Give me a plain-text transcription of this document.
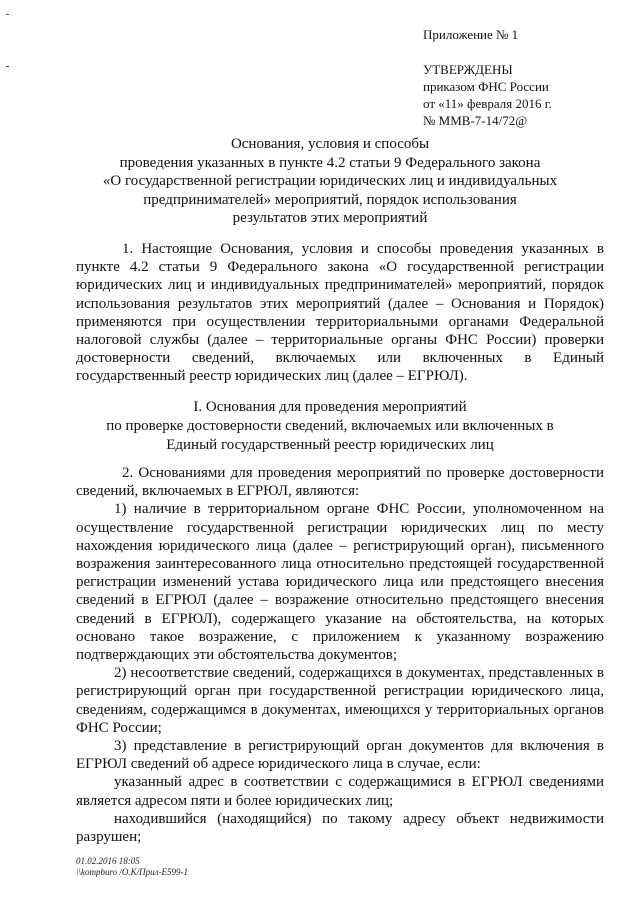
Приложение № 1
УТВЕРЖДЕНЫ
приказом ФНС России
от «11» февраля 2016 г.
№ ММВ-7-14/72@
Основания, условия и способы
проведения указанных в пункте 4.2 статьи 9 Федерального закона
«О государственной регистрации юридических лиц и индивидуальных
предпринимателей» мероприятий, порядок использования
результатов этих мероприятий

1. Настоящие Основания, условия и способы проведения указанных в пункте 4.2 статьи 9 Федерального закона «О государственной регистрации юридических лиц и индивидуальных предпринимателей» мероприятий, порядок использования результатов этих мероприятий (далее – Основания и Порядок) применяются при осуществлении территориальными органами Федеральной налоговой службы (далее – территориальные органы ФНС России) проверки достоверности сведений, включаемых или включенных в Единый государственный реестр юридических лиц (далее – ЕГРЮЛ).

I. Основания для проведения мероприятий
по проверке достоверности сведений, включаемых или включенных в
Единый государственный реестр юридических лиц

2. Основаниями для проведения мероприятий по проверке достоверности сведений, включаемых в ЕГРЮЛ, являются:

1) наличие в территориальном органе ФНС России, уполномоченном на осуществление государственной регистрации юридических лиц по месту нахождения юридического лица (далее – регистрирующий орган), письменного возражения заинтересованного лица относительно предстоящей государственной регистрации изменений устава юридического лица или предстоящего внесения сведений в ЕГРЮЛ (далее – возражение относительно предстоящего внесения сведений в ЕГРЮЛ), содержащего указание на обстоятельства, на которых основано такое возражение, с приложением к указанному возражению подтверждающих эти обстоятельства документов;

2) несоответствие сведений, содержащихся в документах, представленных в регистрирующий орган при государственной регистрации юридического лица, сведениям, содержащимся в документах, имеющихся у территориальных органов ФНС России;

3) представление в регистрирующий орган документов для включения в ЕГРЮЛ сведений об адресе юридического лица в случае, если:

указанный адрес в соответствии с содержащимися в ЕГРЮЛ сведениями является адресом пяти и более юридических лиц;

находившийся (находящийся) по такому адресу объект недвижимости разрушен;

01.02.2016 18:05
\\kompburo /О.К/Прил-Е599-1
